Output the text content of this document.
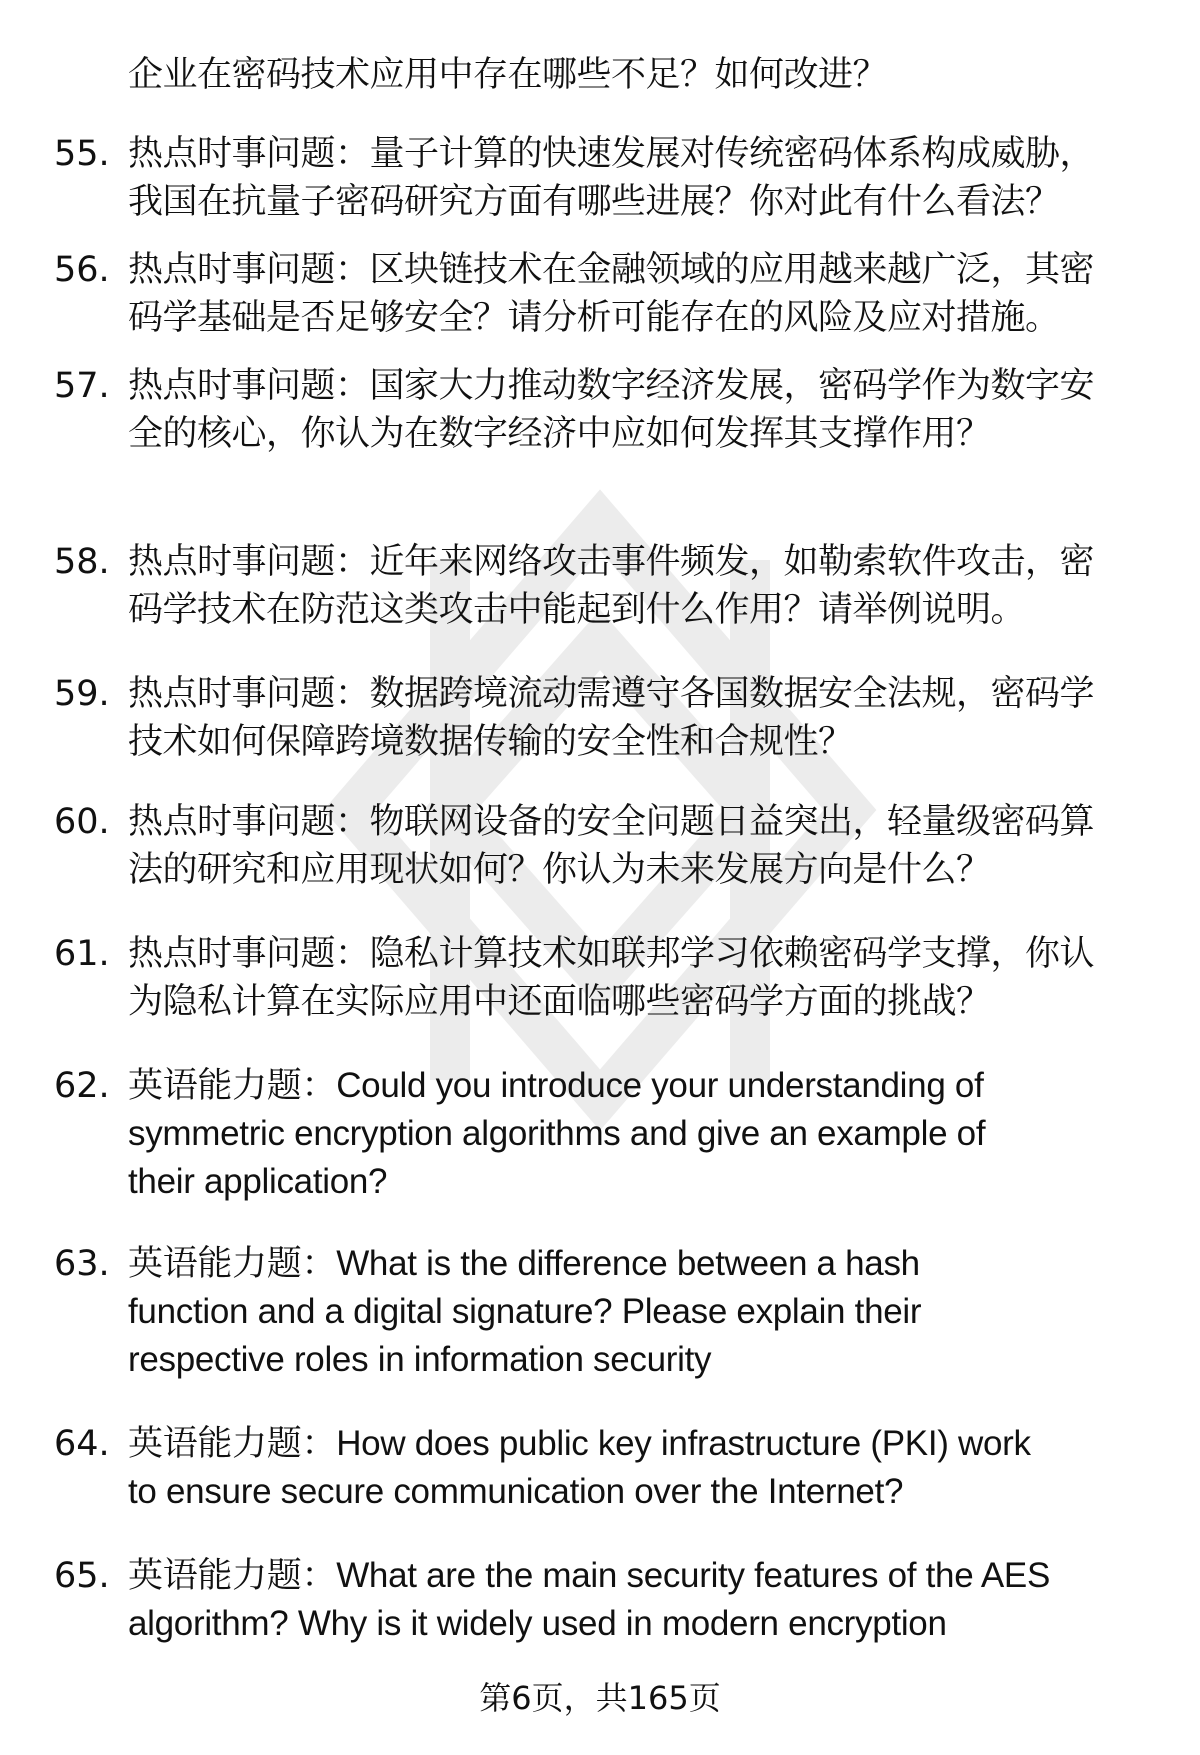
企业在密码技术应用中存在哪些不足？如何改进？
55. 热点时事问题：量子计算的快速发展对传统密码体系构成威胁，
我国在抗量子密码研究方面有哪些进展？你对此有什么看法？
56. 热点时事问题：区块链技术在金融领域的应用越来越广泛，其密
码学基础是否足够安全？请分析可能存在的风险及应对措施。
57. 热点时事问题：国家大力推动数字经济发展，密码学作为数字安
全的核心，你认为在数字经济中应如何发挥其支撑作用？
58. 热点时事问题：近年来网络攻击事件频发，如勒索软件攻击，密
码学技术在防范这类攻击中能起到什么作用？请举例说明。
59. 热点时事问题：数据跨境流动需遵守各国数据安全法规，密码学
技术如何保障跨境数据传输的安全性和合规性？
60. 热点时事问题：物联网设备的安全问题日益突出，轻量级密码算
法的研究和应用现状如何？你认为未来发展方向是什么？
61. 热点时事问题：隐私计算技术如联邦学习依赖密码学支撑，你认
为隐私计算在实际应用中还面临哪些密码学方面的挑战？
62. 英语能力题：Could you introduce your understanding of
symmetric encryption algorithms and give an example of
their application?
63. 英语能力题：What is the difference between a hash
function and a digital signature? Please explain their
respective roles in information security
64. 英语能力题：How does public key infrastructure (PKI) work
to ensure secure communication over the Internet?
65. 英语能力题：What are the main security features of the AES
algorithm? Why is it widely used in modern encryption
第6页，共165页
